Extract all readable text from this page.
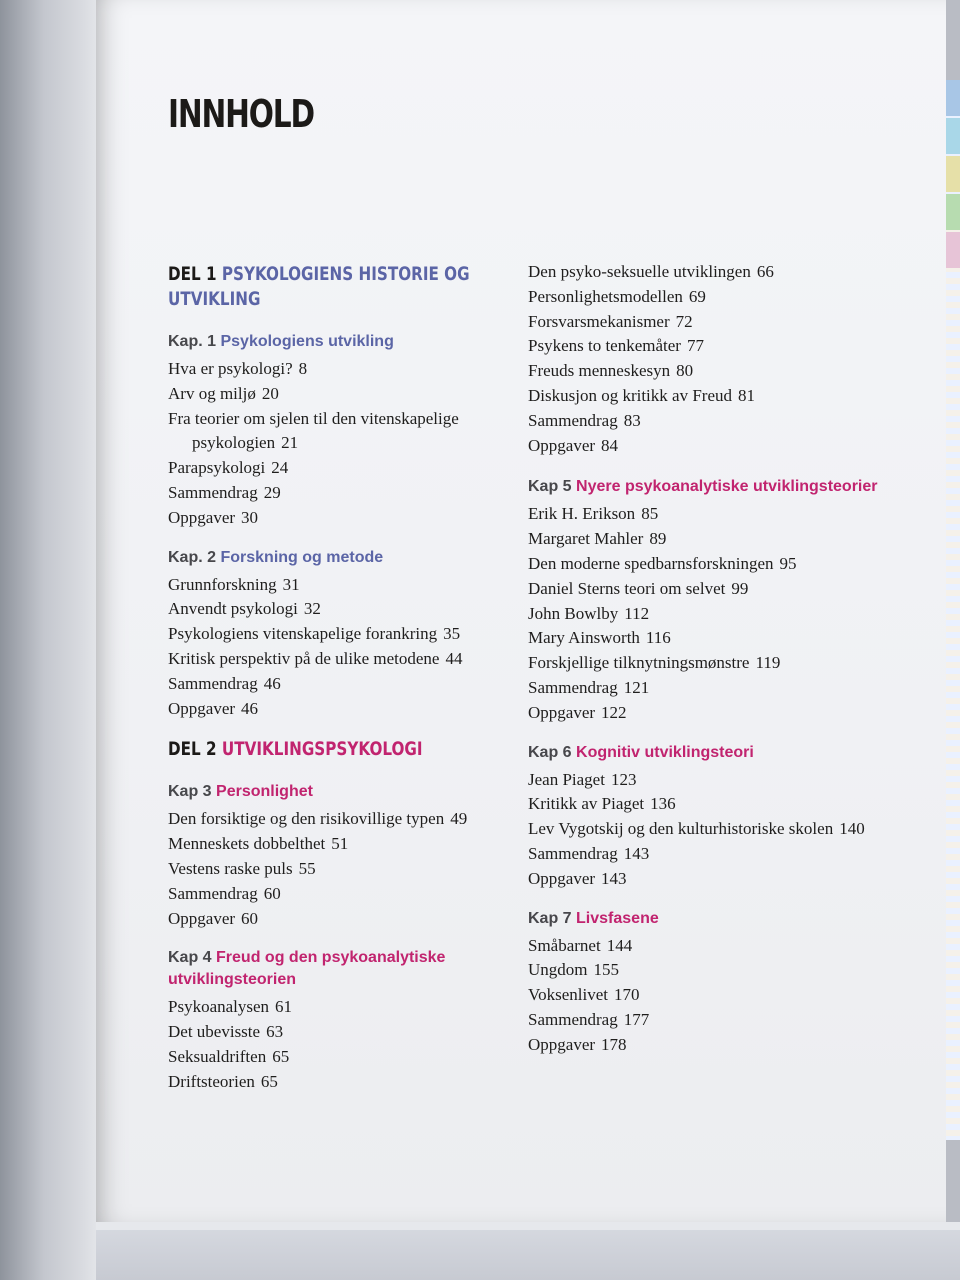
INNHOLD
DEL 1 PSYKOLOGIENS HISTORIE OG UTVIKLING
Kap. 1 Psykologiens utvikling
Hva er psykologi? 8
Arv og miljø 20
Fra teorier om sjelen til den vitenskapelige psykologien 21
Parapsykologi 24
Sammendrag 29
Oppgaver 30
Kap. 2 Forskning og metode
Grunnforskning 31
Anvendt psykologi 32
Psykologiens vitenskapelige forankring 35
Kritisk perspektiv på de ulike metodene 44
Sammendrag 46
Oppgaver 46
DEL 2 UTVIKLINGSPSYKOLOGI
Kap 3 Personlighet
Den forsiktige og den risikovillige typen 49
Menneskets dobbelthet 51
Vestens raske puls 55
Sammendrag 60
Oppgaver 60
Kap 4 Freud og den psykoanalytiske utviklingsteorien
Psykoanalysen 61
Det ubevisste 63
Seksualdriften 65
Driftsteorien 65
Den psyko-seksuelle utviklingen 66
Personlighetsmodellen 69
Forsvarsmekanismer 72
Psykens to tenkemåter 77
Freuds menneskesyn 80
Diskusjon og kritikk av Freud 81
Sammendrag 83
Oppgaver 84
Kap 5 Nyere psykoanalytiske utviklingsteorier
Erik H. Erikson 85
Margaret Mahler 89
Den moderne spedbarnsforskningen 95
Daniel Sterns teori om selvet 99
John Bowlby 112
Mary Ainsworth 116
Forskjellige tilknytningsmønstre 119
Sammendrag 121
Oppgaver 122
Kap 6 Kognitiv utviklingsteori
Jean Piaget 123
Kritikk av Piaget 136
Lev Vygotskij og den kulturhistoriske skolen 140
Sammendrag 143
Oppgaver 143
Kap 7 Livsfasene
Småbarnet 144
Ungdom 155
Voksenlivet 170
Sammendrag 177
Oppgaver 178
